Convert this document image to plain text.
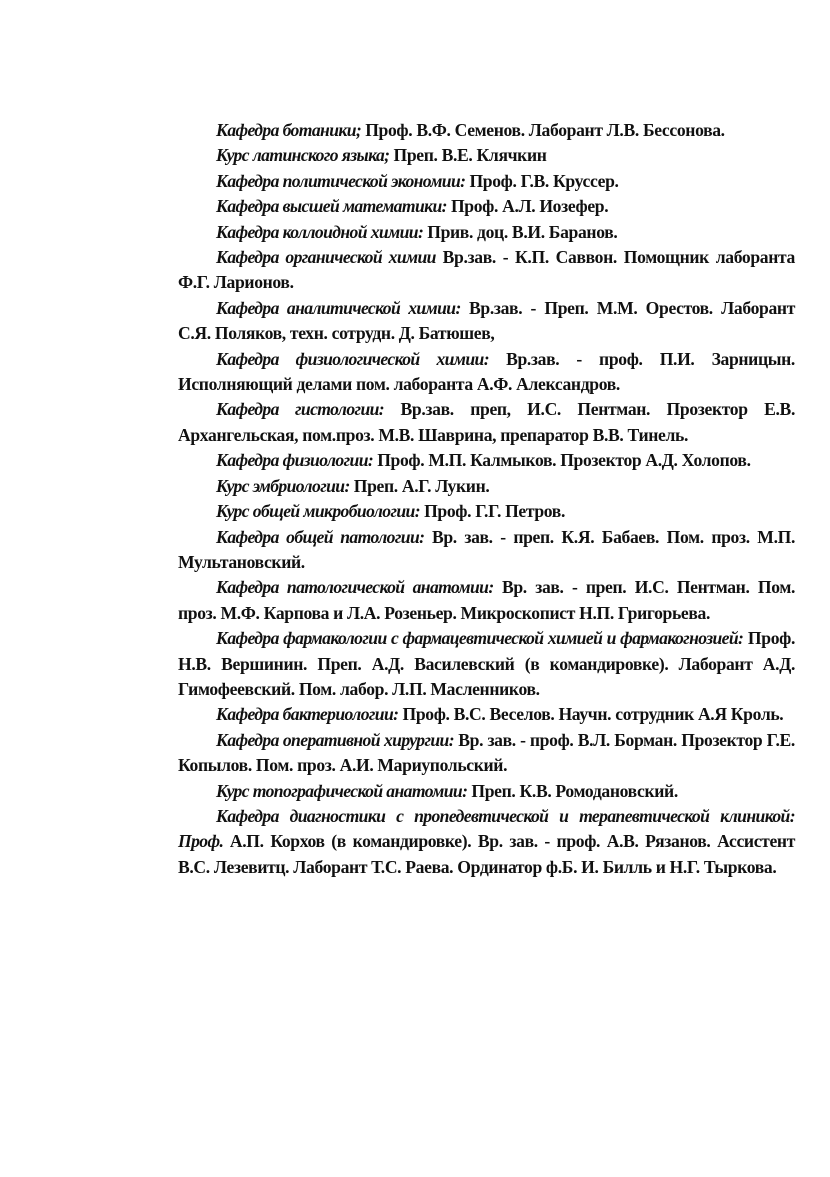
Кафедра ботаники; Проф. В.Ф. Семенов. Лаборант Л.В. Бессонова.

Курс латинского языка; Преп. В.Е. Клячкин

Кафедра политической экономии: Проф. Г.В. Круссер.

Кафедра высшей математики: Проф. А.Л. Иозефер.

Кафедра коллоидной химии: Прив. доц. В.И. Баранов.

Кафедра органической химии Вр.зав. - К.П. Саввон. Помощник лаборанта Ф.Г. Ларионов.

Кафедра аналитической химии: Вр.зав. - Преп. М.М. Орестов. Лаборант С.Я. Поляков, техн. сотрудн. Д. Батюшев,

Кафедра физиологической химии: Вр.зав. - проф. П.И. Зарницын. Исполняющий делами пом. лаборанта А.Ф. Александров.

Кафедра гистологии: Вр.зав. преп, И.С. Пентман. Прозектор Е.В. Архангельская, пом.проз. М.В. Шаврина, препаратор В.В. Тинель.

Кафедра физиологии: Проф. М.П. Калмыков. Прозектор А.Д. Холопов.

Курс эмбриологии: Преп. А.Г. Лукин.

Курс общей микробиологии: Проф. Г.Г. Петров.

Кафедра общей патологии: Вр. зав. - преп. К.Я. Бабаев. Пом. проз. М.П. Мультановский.

Кафедра патологической анатомии: Вр. зав. - преп. И.С. Пентман. Пом. проз. М.Ф. Карпова и Л.А. Розеньер. Микроскопист Н.П. Григорьева.

Кафедра фармакологии с фармацевтической химией и фармакогнозией: Проф. Н.В. Вершинин. Преп. А.Д. Василевский (в командировке). Лаборант А.Д. Гимофеевский. Пом. лабор. Л.П. Масленников.

Кафедра бактериологии: Проф. В.С. Веселов. Научн. сотрудник А.Я Кроль.

Кафедра оперативной хирургии: Вр. зав. - проф. В.Л. Борман. Прозектор Г.Е. Копылов. Пом. проз. А.И. Мариупольский.

Курс топографической анатомии: Преп. К.В. Ромодановский.

Кафедра диагностики с пропедевтической и терапевтической клиникой: Проф. А.П. Корхов (в командировке). Вр. зав. - проф. А.В. Рязанов. Ассистент В.С. Лезевитц. Лаборант Т.С. Раева. Ординатор ф.Б. И. Билль и Н.Г. Тыркова.
